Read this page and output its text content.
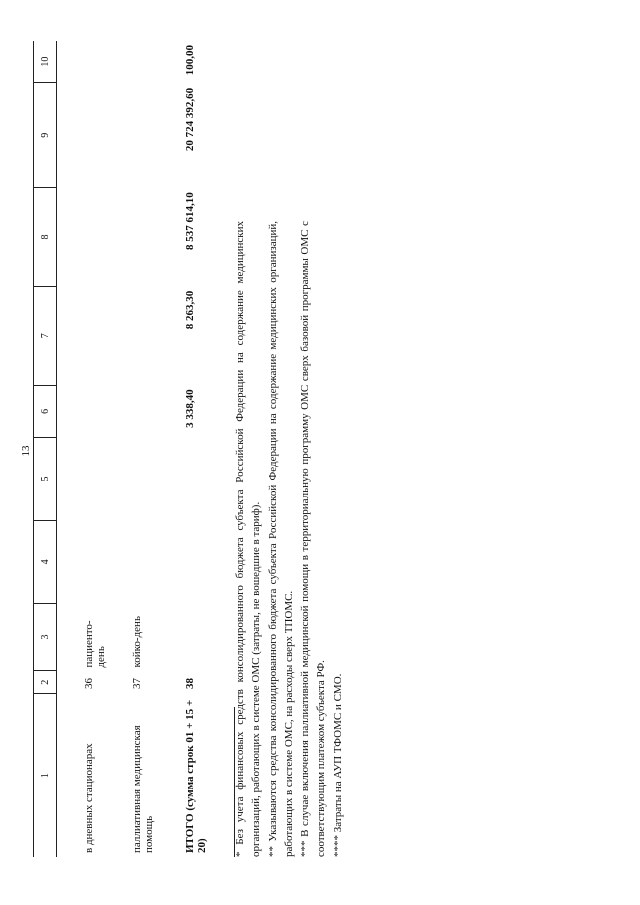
13
1
2
3
4
5
6
7
8
9
10
в дневных стационарах
36
пациенто-день
паллиативная медицинская помощь
37
койко-день
ИТОГО (сумма строк 01 + 15 + 20)
38
3 338,40
8 263,30
8 537 614,10
20 724 392,60
100,00

* Без учета финансовых средств консолидированного бюджета субъекта Российской Федерации на содержание медицинских организаций, работающих в системе ОМС (затраты, не вошедшие в тариф). ** Указываются средства консолидированного бюджета субъекта Российской Федерации на содержание медицинских организаций, работающих в системе ОМС, на расходы сверх ТПОМС. *** В случае включения паллиативной медицинской помощи в территориальную программу ОМС сверх базовой программы ОМС с соответствующим платежом субъекта РФ. **** Затраты на АУП ТФОМС и СМО.
